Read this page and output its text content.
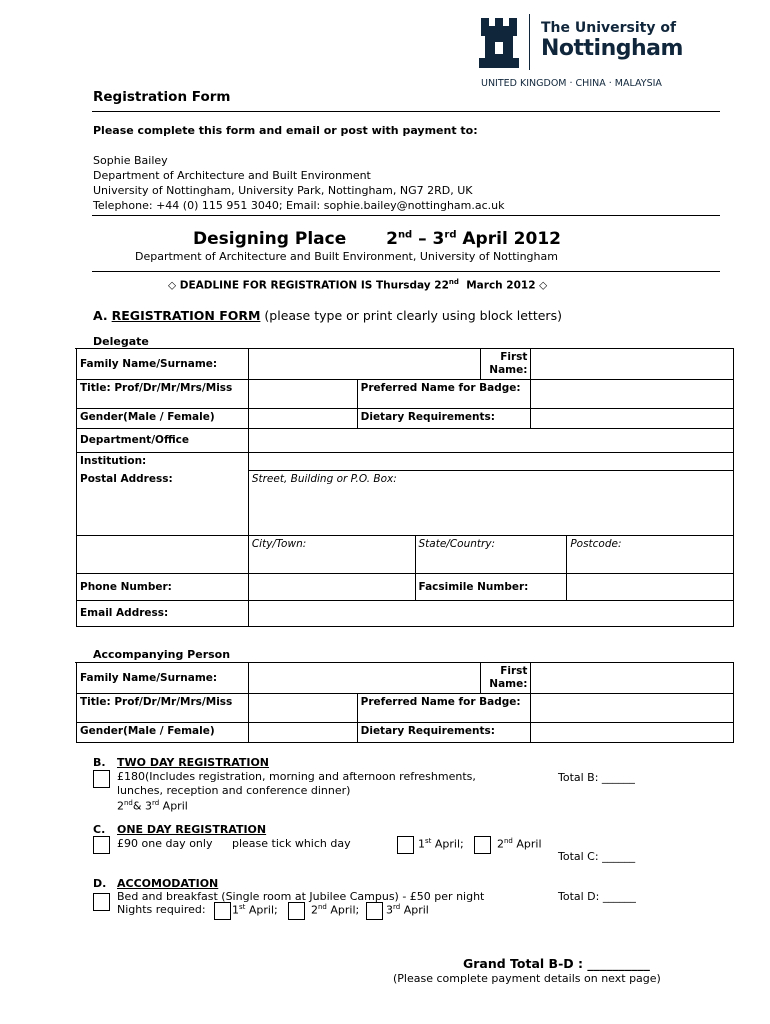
The University of
Nottingham
UNITED KINGDOM · CHINA · MALAYSIA
Registration Form
Please complete this form and email or post with payment to:
Sophie Bailey
Department of Architecture and Built Environment
University of Nottingham, University Park, Nottingham, NG7 2RD, UK
Telephone: +44 (0) 115 951 3040; Email: sophie.bailey@nottingham.ac.uk
Designing Place 2nd – 3rd April 2012
Department of Architecture and Built Environment, University of Nottingham
◇ DEADLINE FOR REGISTRATION IS Thursday 22nd March 2012 ◇
A. REGISTRATION FORM (please type or print clearly using block letters)
Delegate
Family Name/Surname:			First Name:	
Title: Prof/Dr/Mr/Mrs/Miss		Preferred Name for Badge:		
Gender(Male / Female)		Dietary Requirements:		
Department/Office			
Institution:			
Postal Address:	Street, Building or P.O. Box:		
	City/Town:	State/Country:	Postcode:
Phone Number:		Facsimile Number:	
Email Address:			
Accompanying Person
Family Name/Surname:			First Name:	
Title: Prof/Dr/Mr/Mrs/Miss		Preferred Name for Badge:		
Gender(Male / Female)		Dietary Requirements:		
B. TWO DAY REGISTRATION
£180(Includes registration, morning and afternoon refreshments,
lunches, reception and conference dinner)
2nd& 3rd April
Total B: ______
C. ONE DAY REGISTRATION
£90 one day only please tick which day	1st April;	2nd April
Total C: ______
D. ACCOMODATION
Bed and breakfast (Single room at Jubilee Campus) - £50 per night
Nights required: 1st April;	2nd April; 3rd April
Total D: ______
Grand Total B-D : __________
(Please complete payment details on next page)
